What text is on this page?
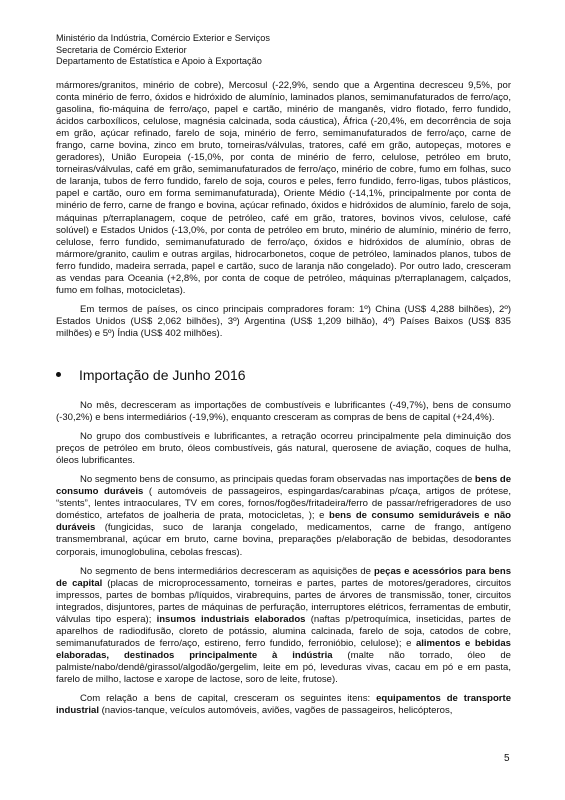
Ministério da Indústria, Comércio Exterior e Serviços
Secretaria de Comércio Exterior
Departamento de Estatística e Apoio à Exportação

mármores/granitos, minério de cobre), Mercosul (-22,9%, sendo que a Argentina decresceu 9,5%, por conta minério de ferro, óxidos e hidróxido de alumínio, laminados planos, semimanufaturados de ferro/aço, gasolina, fio-máquina de ferro/aço, papel e cartão, minério de manganês, vidro flotado, ferro fundido, ácidos carboxílicos, celulose, magnésia calcinada, soda cáustica), África (-20,4%, em decorrência de soja em grão, açúcar refinado, farelo de soja, minério de ferro, semimanufaturados de ferro/aço, carne de frango, carne bovina, zinco em bruto, torneiras/válvulas, tratores, café em grão, autopeças, motores e geradores), União Europeia (-15,0%, por conta de minério de ferro, celulose, petróleo em bruto, torneiras/válvulas, café em grão, semimanufaturados de ferro/aço, minério de cobre, fumo em folhas, suco de laranja, tubos de ferro fundido, farelo de soja, couros e peles, ferro fundido, ferro-ligas, tubos plásticos, papel e cartão, ouro em forma semimanufaturada), Oriente Médio (-14,1%, principalmente por conta de minério de ferro, carne de frango e bovina, açúcar refinado, óxidos e hidróxidos de alumínio, farelo de soja, máquinas p/terraplanagem, coque de petróleo, café em grão, tratores, bovinos vivos, celulose, café solúvel) e Estados Unidos (-13,0%, por conta de petróleo em bruto, minério de alumínio, minério de ferro, celulose, ferro fundido, semimanufaturado de ferro/aço, óxidos e hidróxidos de alumínio, obras de mármore/granito, caulim e outras argilas, hidrocarbonetos, coque de petróleo, laminados planos, tubos de ferro fundido, madeira serrada, papel e cartão, suco de laranja não congelado). Por outro lado, cresceram as vendas para Oceania (+2,8%, por conta de coque de petróleo, máquinas p/terraplanagem, calçados, fumo em folhas, motocicletas).

Em termos de países, os cinco principais compradores foram: 1º) China (US$ 4,288 bilhões), 2º) Estados Unidos (US$ 2,062 bilhões), 3º) Argentina (US$ 1,209 bilhão), 4º) Países Baixos (US$ 835 milhões) e 5º) Índia (US$ 402 milhões).

Importação de Junho 2016

No mês, decresceram as importações de combustíveis e lubrificantes (-49,7%), bens de consumo (-30,2%) e bens intermediários (-19,9%), enquanto cresceram as compras de bens de capital (+24,4%).

No grupo dos combustíveis e lubrificantes, a retração ocorreu principalmente pela diminuição dos preços de petróleo em bruto, óleos combustíveis, gás natural, querosene de aviação, coques de hulha, óleos lubrificantes.

No segmento bens de consumo, as principais quedas foram observadas nas importações de bens de consumo duráveis ( automóveis de passageiros, espingardas/carabinas p/caça, artigos de prótese, “stents”, lentes intraoculares, TV em cores, fornos/fogões/fritadeira/ferro de passar/refrigeradores de uso doméstico, artefatos de joalheria de prata, motocicletas, ); e bens de consumo semiduráveis e não duráveis (fungicidas, suco de laranja congelado, medicamentos, carne de frango, antígeno transmembranal, açúcar em bruto, carne bovina, preparações p/elaboração de bebidas, desodorantes corporais, imunoglobulina, cebolas frescas).

No segmento de bens intermediários decresceram as aquisições de peças e acessórios para bens de capital (placas de microprocessamento, torneiras e partes, partes de motores/geradores, circuitos impressos, partes de bombas p/líquidos, virabrequins, partes de árvores de transmissão, toner, circuitos integrados, disjuntores, partes de máquinas de perfuração, interruptores elétricos, ferramentas de embutir, válvulas tipo espera); insumos industriais elaborados (naftas p/petroquímica, inseticidas, partes de aparelhos de radiodifusão, cloreto de potássio, alumina calcinada, farelo de soja, catodos de cobre, semimanufaturados de ferro/aço, estireno, ferro fundido, ferronióbio, celulose); e alimentos e bebidas elaboradas, destinados principalmente à indústria (malte não torrado, óleo de palmiste/nabo/dendê/girassol/algodão/gergelim, leite em pó, leveduras vivas, cacau em pó e em pasta, farelo de milho, lactose e xarope de lactose, soro de leite, frutose).

Com relação a bens de capital, cresceram os seguintes itens: equipamentos de transporte industrial (navios-tanque, veículos automóveis, aviões, vagões de passageiros, helicópteros,

5
